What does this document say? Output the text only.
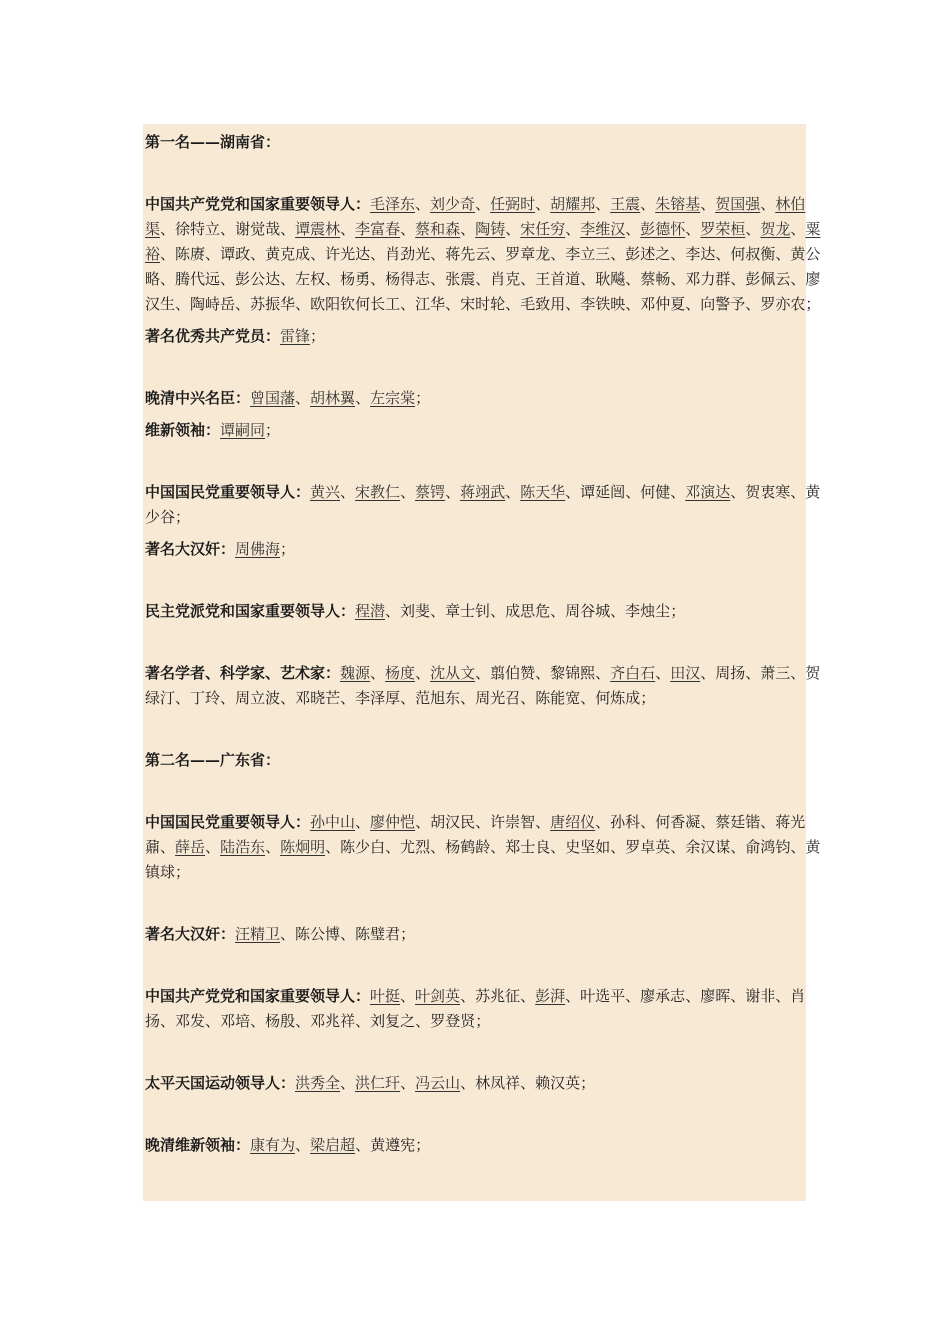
第一名——湖南省：

中国共产党党和国家重要领导人：毛泽东、刘少奇、任弼时、胡耀邦、王震、朱镕基、贺国强、林伯渠、徐特立、谢觉哉、谭震林、李富春、蔡和森、陶铸、宋任穷、李维汉、彭德怀、罗荣桓、贺龙、粟裕、陈赓、谭政、黄克成、许光达、肖劲光、蒋先云、罗章龙、李立三、彭述之、李达、何叔衡、黄公略、腾代远、彭公达、左权、杨勇、杨得志、张震、肖克、王首道、耿飚、蔡畅、邓力群、彭佩云、廖汉生、陶峙岳、苏振华、欧阳钦何长工、江华、宋时轮、毛致用、李铁映、邓仲夏、向警予、罗亦农；

著名优秀共产党员：雷锋；

晚清中兴名臣：曾国藩、胡林翼、左宗棠；

维新领袖：谭嗣同；

中国国民党重要领导人：黄兴、宋教仁、蔡锷、蒋翊武、陈天华、谭延闿、何健、邓演达、贺衷寒、黄少谷；

著名大汉奸：周佛海；

民主党派党和国家重要领导人：程潜、刘斐、章士钊、成思危、周谷城、李烛尘；

著名学者、科学家、艺术家：魏源、杨度、沈从文、翦伯赞、黎锦熙、齐白石、田汉、周扬、萧三、贺绿汀、丁玲、周立波、邓晓芒、李泽厚、范旭东、周光召、陈能宽、何炼成；

第二名——广东省：

中国国民党重要领导人：孙中山、廖仲恺、胡汉民、许崇智、唐绍仪、孙科、何香凝、蔡廷锴、蒋光鼐、薛岳、陆浩东、陈炯明、陈少白、尤烈、杨鹤龄、郑士良、史坚如、罗卓英、余汉谋、俞鸿钧、黄镇球；

著名大汉奸：汪精卫、陈公博、陈璧君；

中国共产党党和国家重要领导人：叶挺、叶剑英、苏兆征、彭湃、叶选平、廖承志、廖晖、谢非、肖扬、邓发、邓培、杨殷、邓兆祥、刘复之、罗登贤；

太平天国运动领导人：洪秀全、洪仁玕、冯云山、林凤祥、赖汉英；

晚清维新领袖：康有为、梁启超、黄遵宪；
